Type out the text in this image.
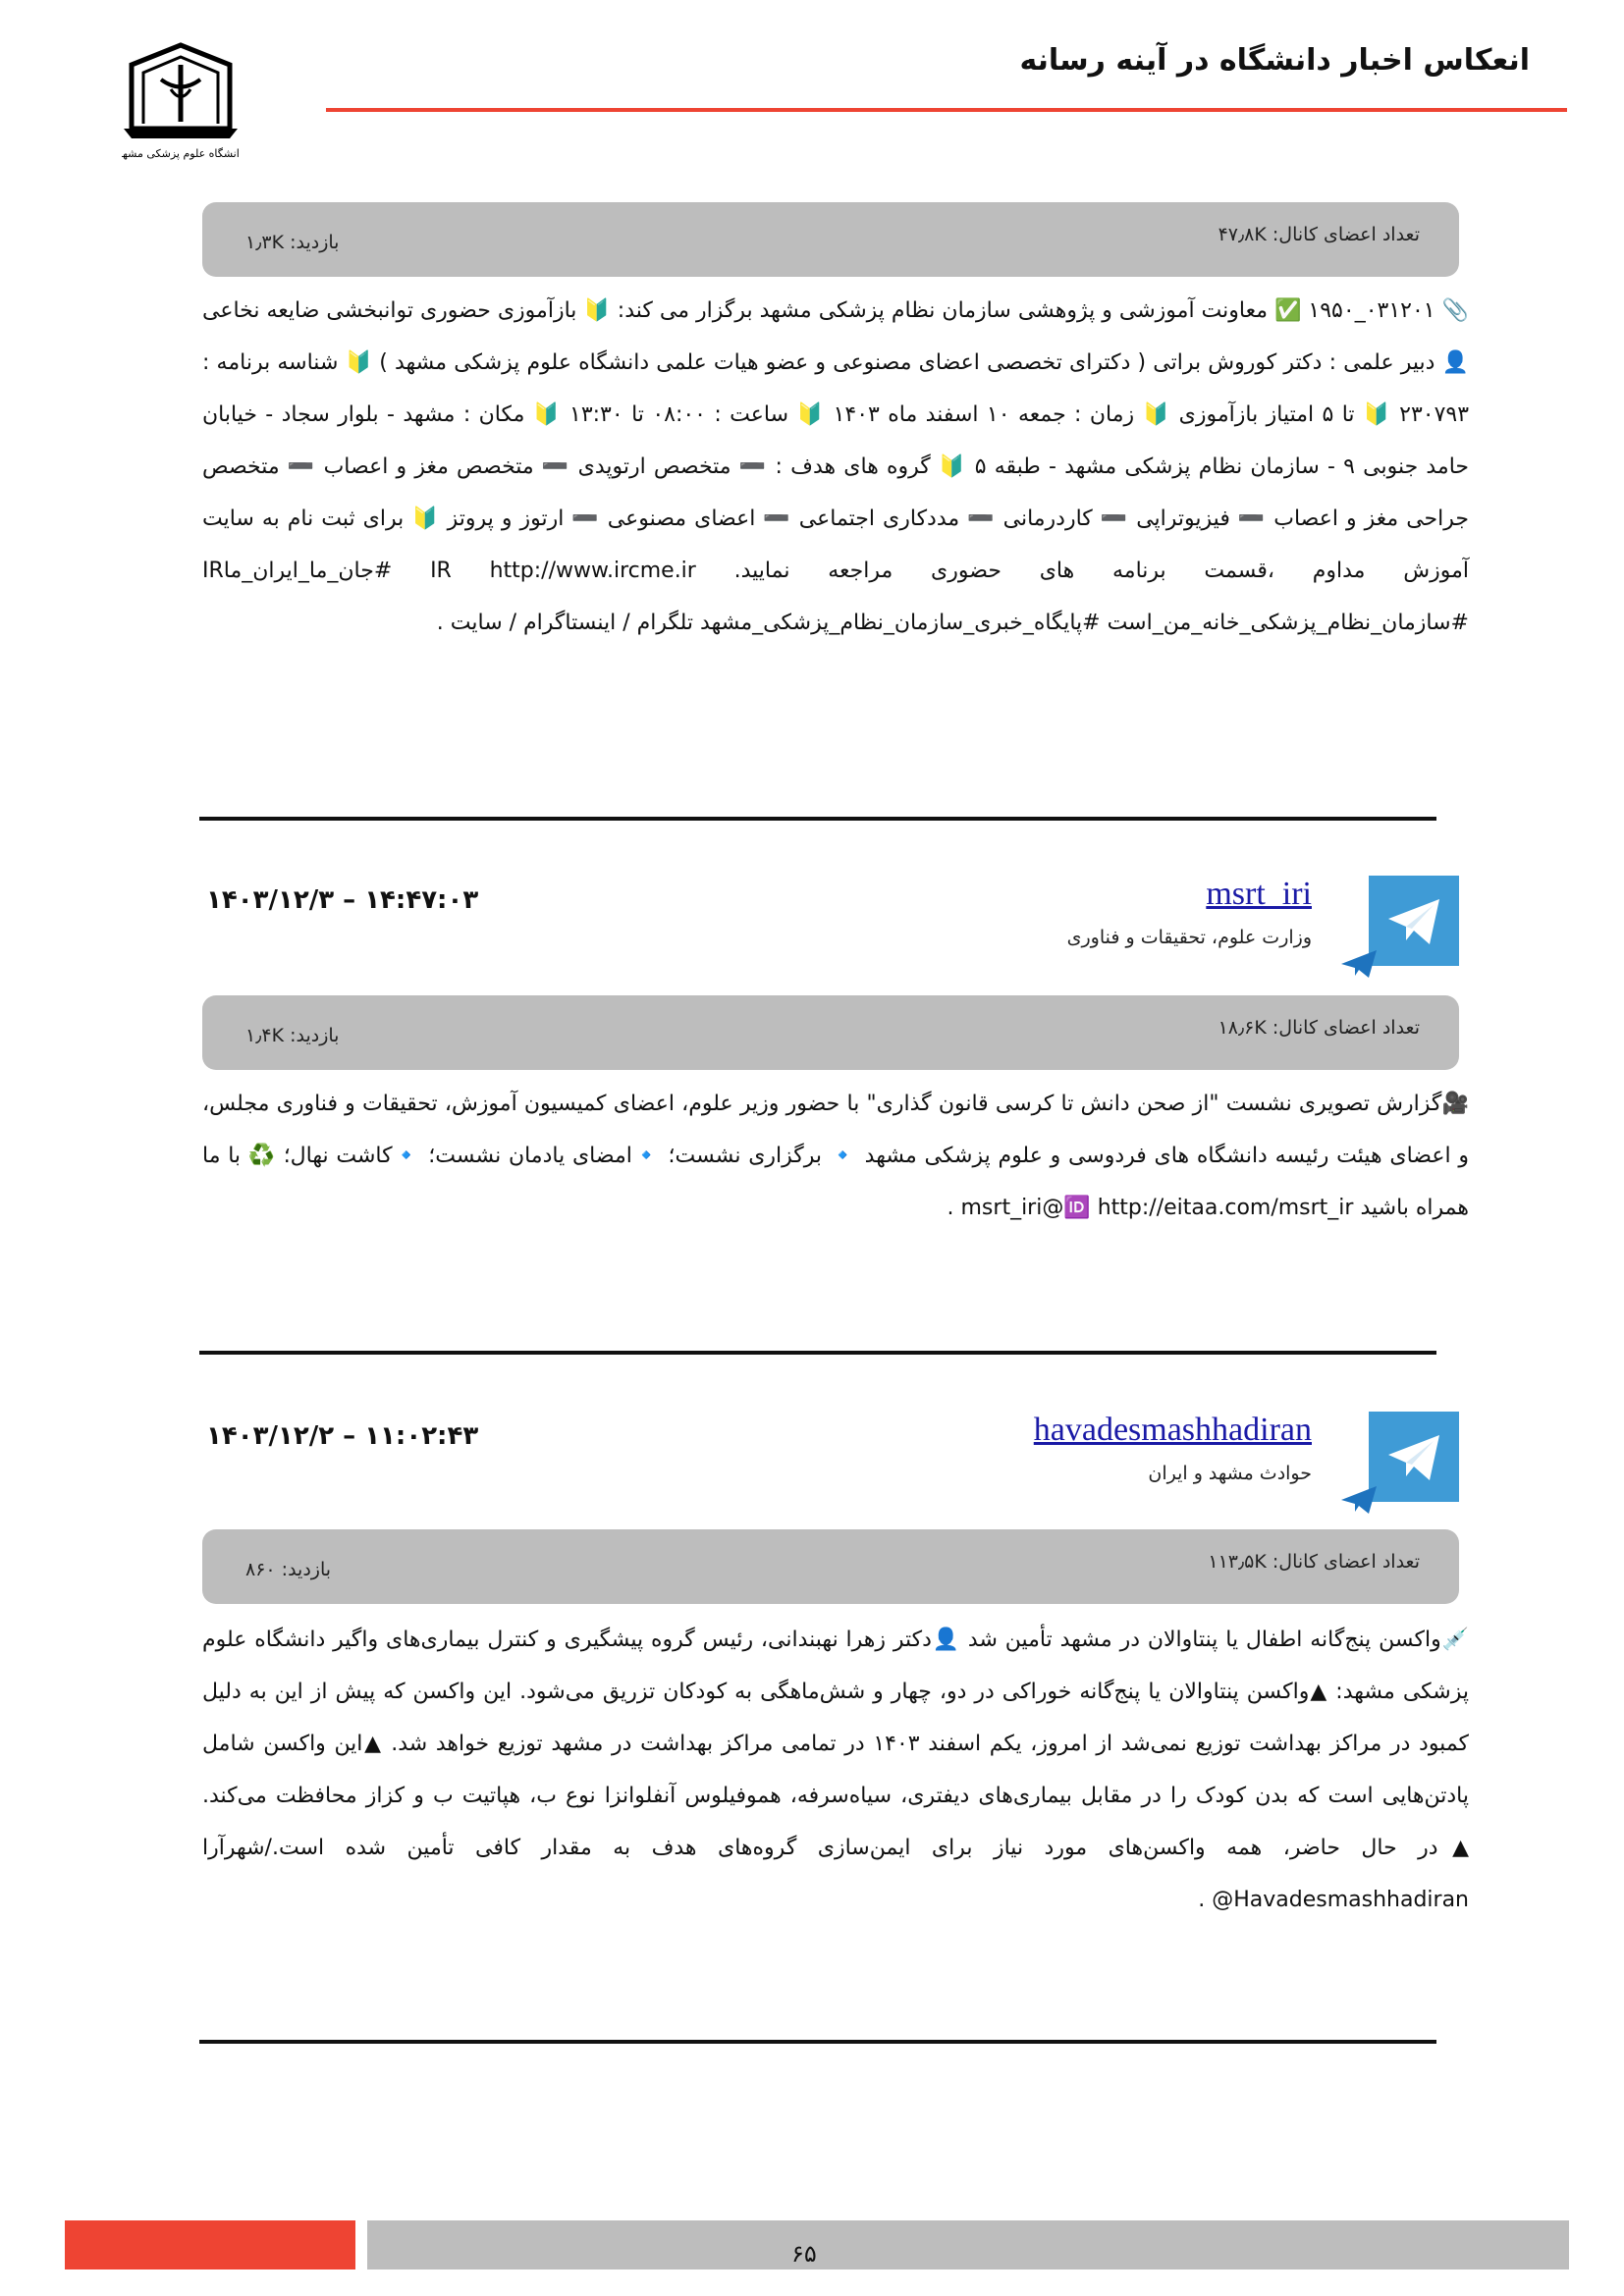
انعکاس اخبار دانشگاه در آینه رسانه
دانشگاه علوم پزشکی مشهد
تعداد اعضای کانال: ۴۷٫۸K
بازدید: ۱٫۳K

📎 ۰۳۱۲۰۱_۱۹۵۰ ✅ معاونت آموزشی و پژوهشی سازمان نظام پزشکی مشهد برگزار می کند: 🔰 بازآموزی حضوری توانبخشی ضایعه نخاعی 👤 دبیر علمی : دکتر کوروش براتی ( دکترای تخصصی اعضای مصنوعی و عضو هیات علمی دانشگاه علوم پزشکی مشهد ) 🔰 شناسه برنامه : ۲۳۰۷۹۳ 🔰 تا ۵ امتیاز بازآموزی 🔰 زمان : جمعه ۱۰ اسفند ماه ۱۴۰۳ 🔰 ساعت : ۰۸:۰۰ تا ۱۳:۳۰ 🔰 مکان : مشهد - بلوار سجاد - خیابان حامد جنوبی ۹ - سازمان نظام پزشکی مشهد - طبقه ۵ 🔰 گروه های هدف : ➖ متخصص ارتوپدی ➖ متخصص مغز و اعصاب ➖ متخصص جراحی مغز و اعصاب ➖ فیزیوتراپی ➖ کاردرمانی ➖ مددکاری اجتماعی ➖ اعضای مصنوعی ➖ ارتوز و پروتز 🔰 برای ثبت نام به سایت آموزش مداوم ،قسمت برنامه های حضوری مراجعه نمایید. IR http://www.ircme.ir #جان_ما_ایران_ماIR #سازمان_نظام_پزشکی_خانه_من_است #پایگاه_خبری_سازمان_نظام_پزشکی_مشهد تلگرام / اینستاگرام / سایت .

msrt_iri
وزارت علوم، تحقیقات و فناوری
۱۴:۴۷:۰۳ – ۱۴۰۳/۱۲/۳
تعداد اعضای کانال: ۱۸٫۶K
بازدید: ۱٫۴K

🎥گزارش تصویری نشست "از صحن دانش تا کرسی قانون گذاری" با حضور وزیر علوم، اعضای کمیسیون آموزش، تحقیقات و فناوری مجلس، و اعضای هیئت رئیسه دانشگاه های فردوسی و علوم پزشکی مشهد 🔹 برگزاری نشست؛ 🔹امضای یادمان نشست؛ 🔹کاشت نهال؛ ♻️ با ما همراه باشید msrt_iri@🆔 http://eitaa.com/msrt_ir .

havadesmashhadiran
حوادث مشهد و ایران
۱۱:۰۲:۴۳ – ۱۴۰۳/۱۲/۲
تعداد اعضای کانال: ۱۱۳٫۵K
بازدید: ۸۶۰

💉واکسن پنج‌گانه اطفال یا پنتاوالان در مشهد تأمین شد 👤‌دکتر زهرا نهبندانی، رئیس گروه پیشگیری و کنترل بیماری‌های واگیر دانشگاه علوم پزشکی مشهد: ▲واکسن پنتاوالان یا پنج‌گانه خوراکی در دو، چهار و شش‌ماهگی به کودکان تزریق می‌شود. این واکسن که پیش از این به دلیل کمبود در مراکز بهداشت توزیع نمی‌شد از امروز، یکم اسفند ۱۴۰۳ در تمامی مراکز بهداشت در مشهد توزیع خواهد شد. ▲این واکسن شامل پادتن‌هایی است که بدن کودک را در مقابل بیماری‌های دیفتری، سیاه‌سرفه، هموفیلوس آنفلوانزا نوع ب، هپاتیت ب و کزاز محافظت می‌کند. ▲در حال حاضر، همه واکسن‌های مورد نیاز برای ایمن‌سازی گروه‌های هدف به مقدار کافی تأمین شده است./شهرآرا Havadesmashhadiran@ .

۶۵
